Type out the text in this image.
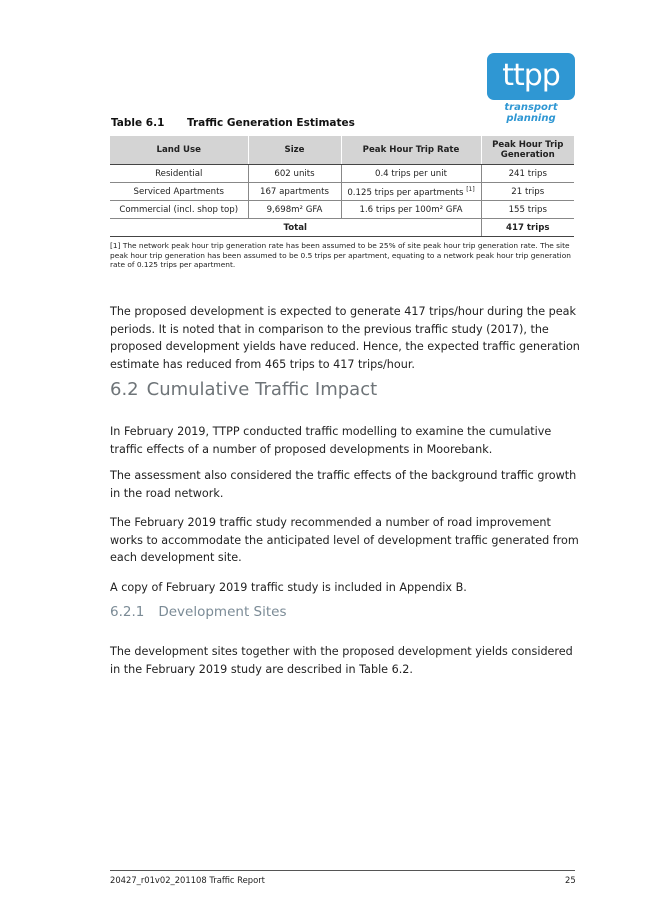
ttpp
transport planning
Table 6.1 Traffic Generation Estimates
Land Use	Size	Peak Hour Trip Rate	Peak Hour Trip Generation
Residential	602 units	0.4 trips per unit	241 trips
Serviced Apartments	167 apartments	0.125 trips per apartments [1]	21 trips
Commercial (incl. shop top)	9,698m² GFA	1.6 trips per 100m² GFA	155 trips
Total			417 trips
[1] The network peak hour trip generation rate has been assumed to be 25% of site peak hour trip generation rate. The site peak hour trip generation has been assumed to be 0.5 trips per apartment, equating to a network peak hour trip generation rate of 0.125 trips per apartment.
The proposed development is expected to generate 417 trips/hour during the peak periods. It is noted that in comparison to the previous traffic study (2017), the proposed development yields have reduced. Hence, the expected traffic generation estimate has reduced from 465 trips to 417 trips/hour.
6.2 Cumulative Traffic Impact
In February 2019, TTPP conducted traffic modelling to examine the cumulative traffic effects of a number of proposed developments in Moorebank.
The assessment also considered the traffic effects of the background traffic growth in the road network.
The February 2019 traffic study recommended a number of road improvement works to accommodate the anticipated level of development traffic generated from each development site.
A copy of February 2019 traffic study is included in Appendix B.
6.2.1 Development Sites
The development sites together with the proposed development yields considered in the February 2019 study are described in Table 6.2.
20427_r01v02_201108 Traffic Report	25
